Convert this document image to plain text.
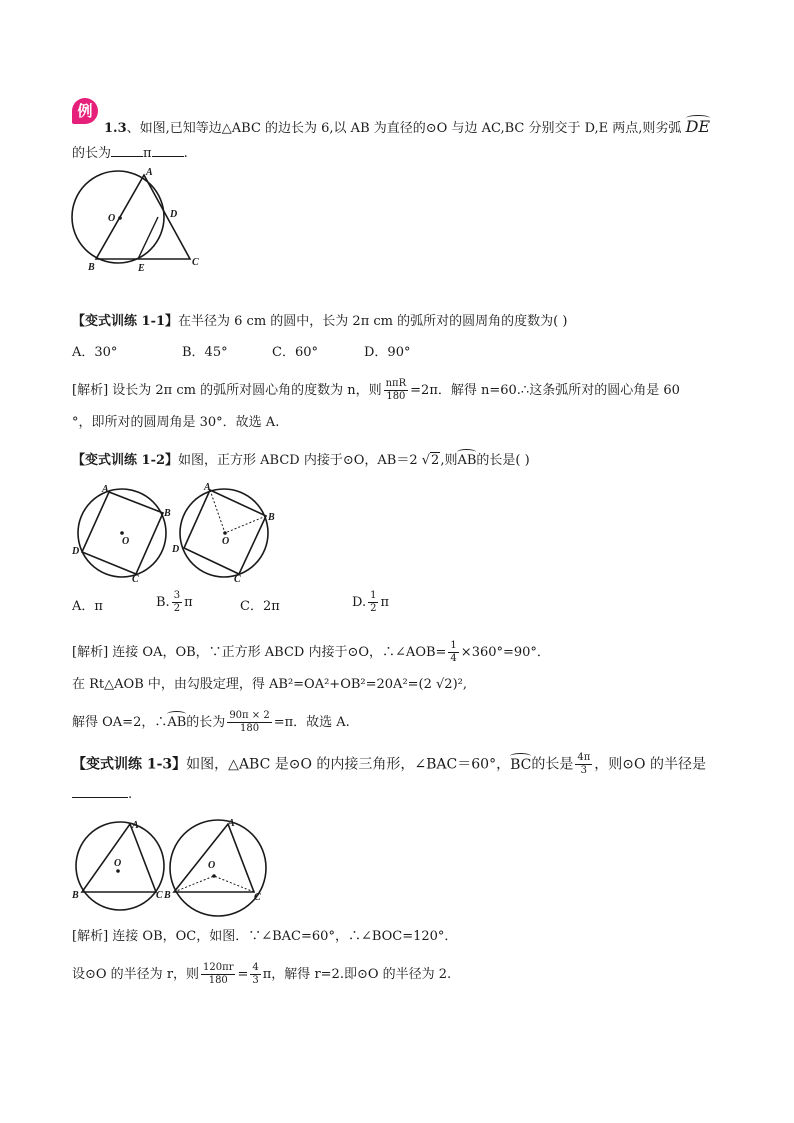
例
1.3、如图,已知等边△ABC 的边长为 6,以 AB 为直径的⊙O 与边 AC,BC 分别交于 D,E 两点,则劣弧 DE
的长为 π .
A
O	D
B	E
C
【变式训练 1-1】在半径为 6 cm 的圆中，长为 2π cm 的弧所对的圆周角的度数为( )
A．30°	B．45°	C．60°	D．90°
[解析] 设长为 2π cm 的弧所对圆心角的度数为 n，则 $\frac{\text{nπR}}{180} =2\pi$．解得 n=60.∴这条弧所对的圆心角是 60
°，即所对的圆周角是 30°．故选 A.
【变式训练 1-2】如图，正方形 ABCD 内接于⊙O，AB＝2 √2,则AB的长是( )
A
B
C
D
O
A
B
C
D
O
A．π	B. $\frac{3}{2}$ π	C．2π	D. $\frac{1}{2}$ π
[解析] 连接 OA，OB，∵正方形 ABCD 内接于⊙O，∴∠AOB= $\frac{1}{4} \times 360^\circ=90^\circ$．
在 Rt△AOB 中，由勾股定理，得 AB²=OA²+OB²=20A²=(2 √2)²,
解得 OA=2，∴AB的长为 $\frac{90\pi \times 2}{180} =\pi$．故选 A.
【变式训练 1-3】如图，△ABC 是⊙O 的内接三角形，∠BAC＝60°，BC的长是 $\frac{4\pi}{3}$ ，则⊙O 的半径是
.
A
O
B	C
A
O
B	C
[解析] 连接 OB，OC，如图．∵∠BAC=60°，∴∠BOC=120°．
设⊙O 的半径为 r，则 $\frac{120\pi r}{180} = \frac{4}{3}$ π，解得 r=2.即⊙O 的半径为 2.
